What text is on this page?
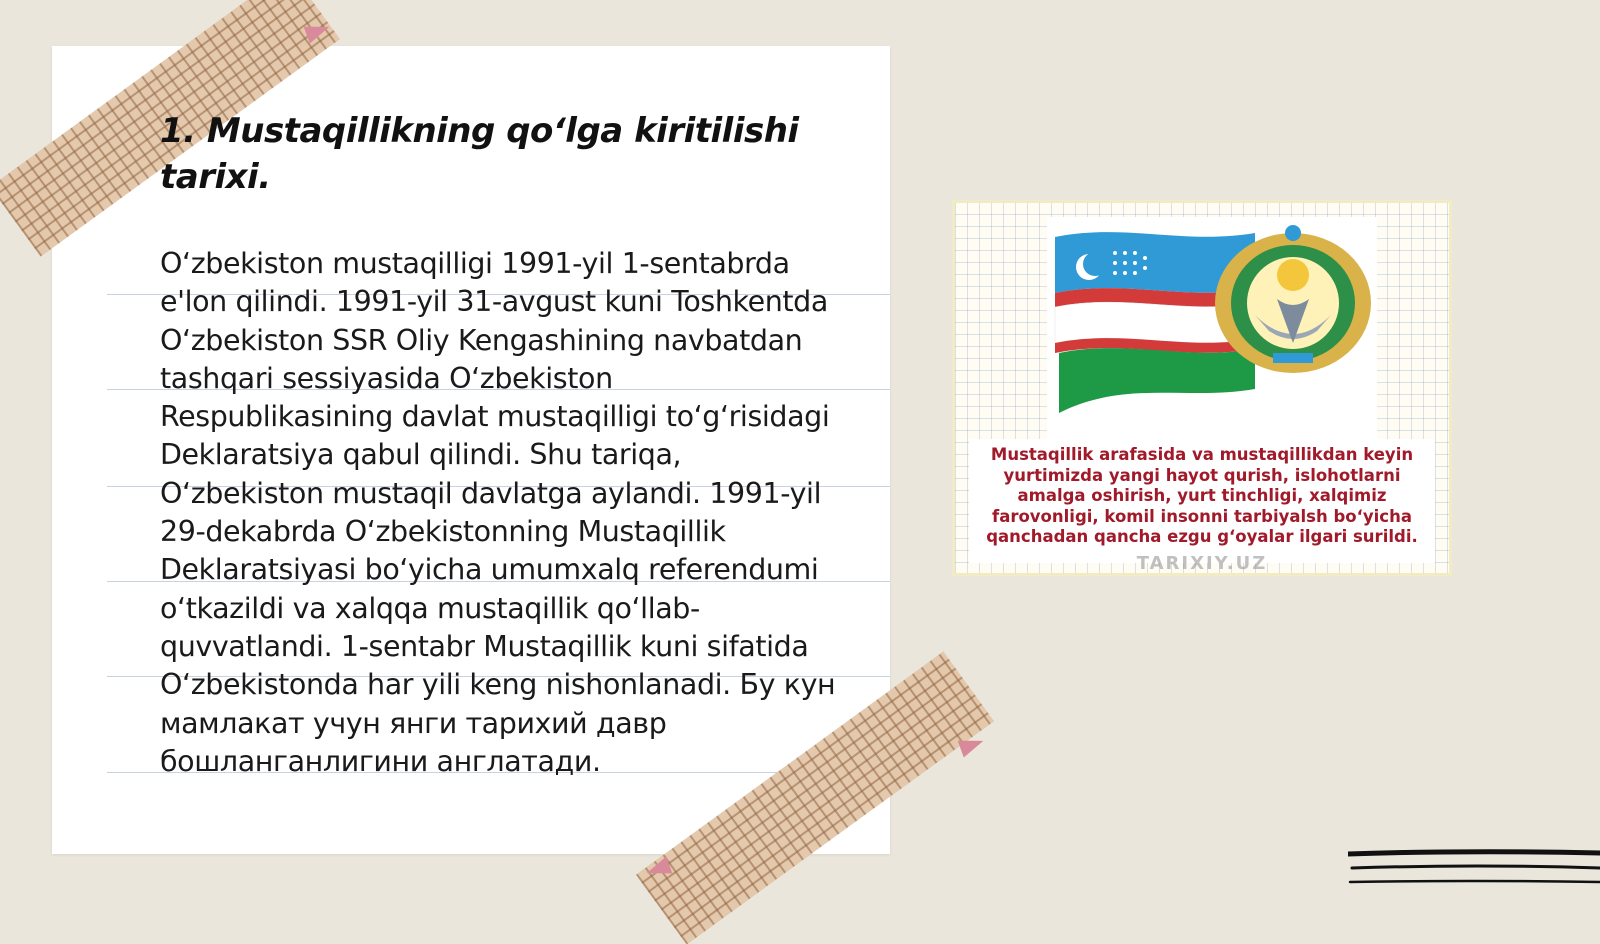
1. Mustaqillikning qo‘lga kiritilishi tarixi.
O‘zbekiston mustaqilligi 1991-yil 1-sentabrda e'lon qilindi. 1991-yil 31-avgust kuni Toshkentda O‘zbekiston SSR Oliy Kengashining navbatdan tashqari sessiyasida O‘zbekiston Respublikasining davlat mustaqilligi to‘g‘risidagi Deklaratsiya qabul qilindi. Shu tariqa, O‘zbekiston mustaqil davlatga aylandi. 1991-yil 29-dekabrda O‘zbekistonning Mustaqillik Deklaratsiyasi bo‘yicha umumxalq referendumi o‘tkazildi va xalqqa mustaqillik qo‘llab-quvvatlandi. 1-sentabr Mustaqillik kuni sifatida O‘zbekistonda har yili keng nishonlanadi. Бу кун мамлакат учун янги тарихий давр бошланганлигини англатади.
Mustaqillik arafasida va mustaqillikdan keyin yurtimizda yangi hayot qurish, islohotlarni amalga oshirish, yurt tinchligi, xalqimiz farovonligi, komil insonni tarbiyalsh bo‘yicha qanchadan qancha ezgu g‘oyalar ilgari surildi.
TARIXIY.UZ
